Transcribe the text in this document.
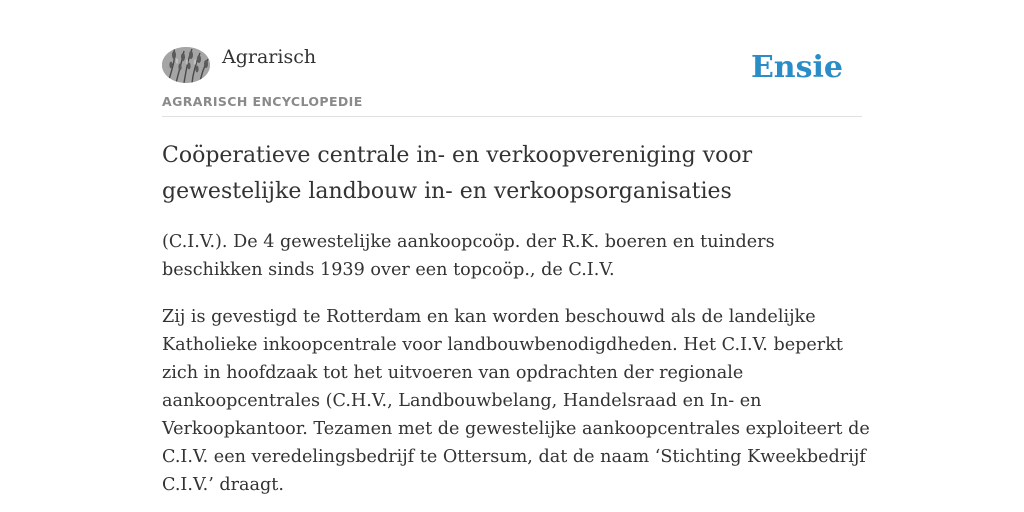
Agrarisch
AGRARISCH ENCYCLOPEDIE
Ensie
Coöperatieve centrale in- en verkoopvereniging voor gewestelijke landbouw in- en verkoopsorganisaties

(C.I.V.). De 4 gewestelijke aankoopcoöp. der R.K. boeren en tuinders beschikken sinds 1939 over een topcoöp., de C.I.V.

Zij is gevestigd te Rotterdam en kan worden beschouwd als de landelijke Katholieke inkoopcentrale voor landbouwbenodigdheden. Het C.I.V. beperkt zich in hoofdzaak tot het uitvoeren van opdrachten der regionale aankoopcentrales (C.H.V., Landbouwbelang, Handelsraad en In- en Verkoopkantoor. Tezamen met de gewestelijke aankoopcentrales exploiteert de C.I.V. een veredelingsbedrijf te Ottersum, dat de naam ‘Stichting Kweekbedrijf C.I.V.’ draagt.
